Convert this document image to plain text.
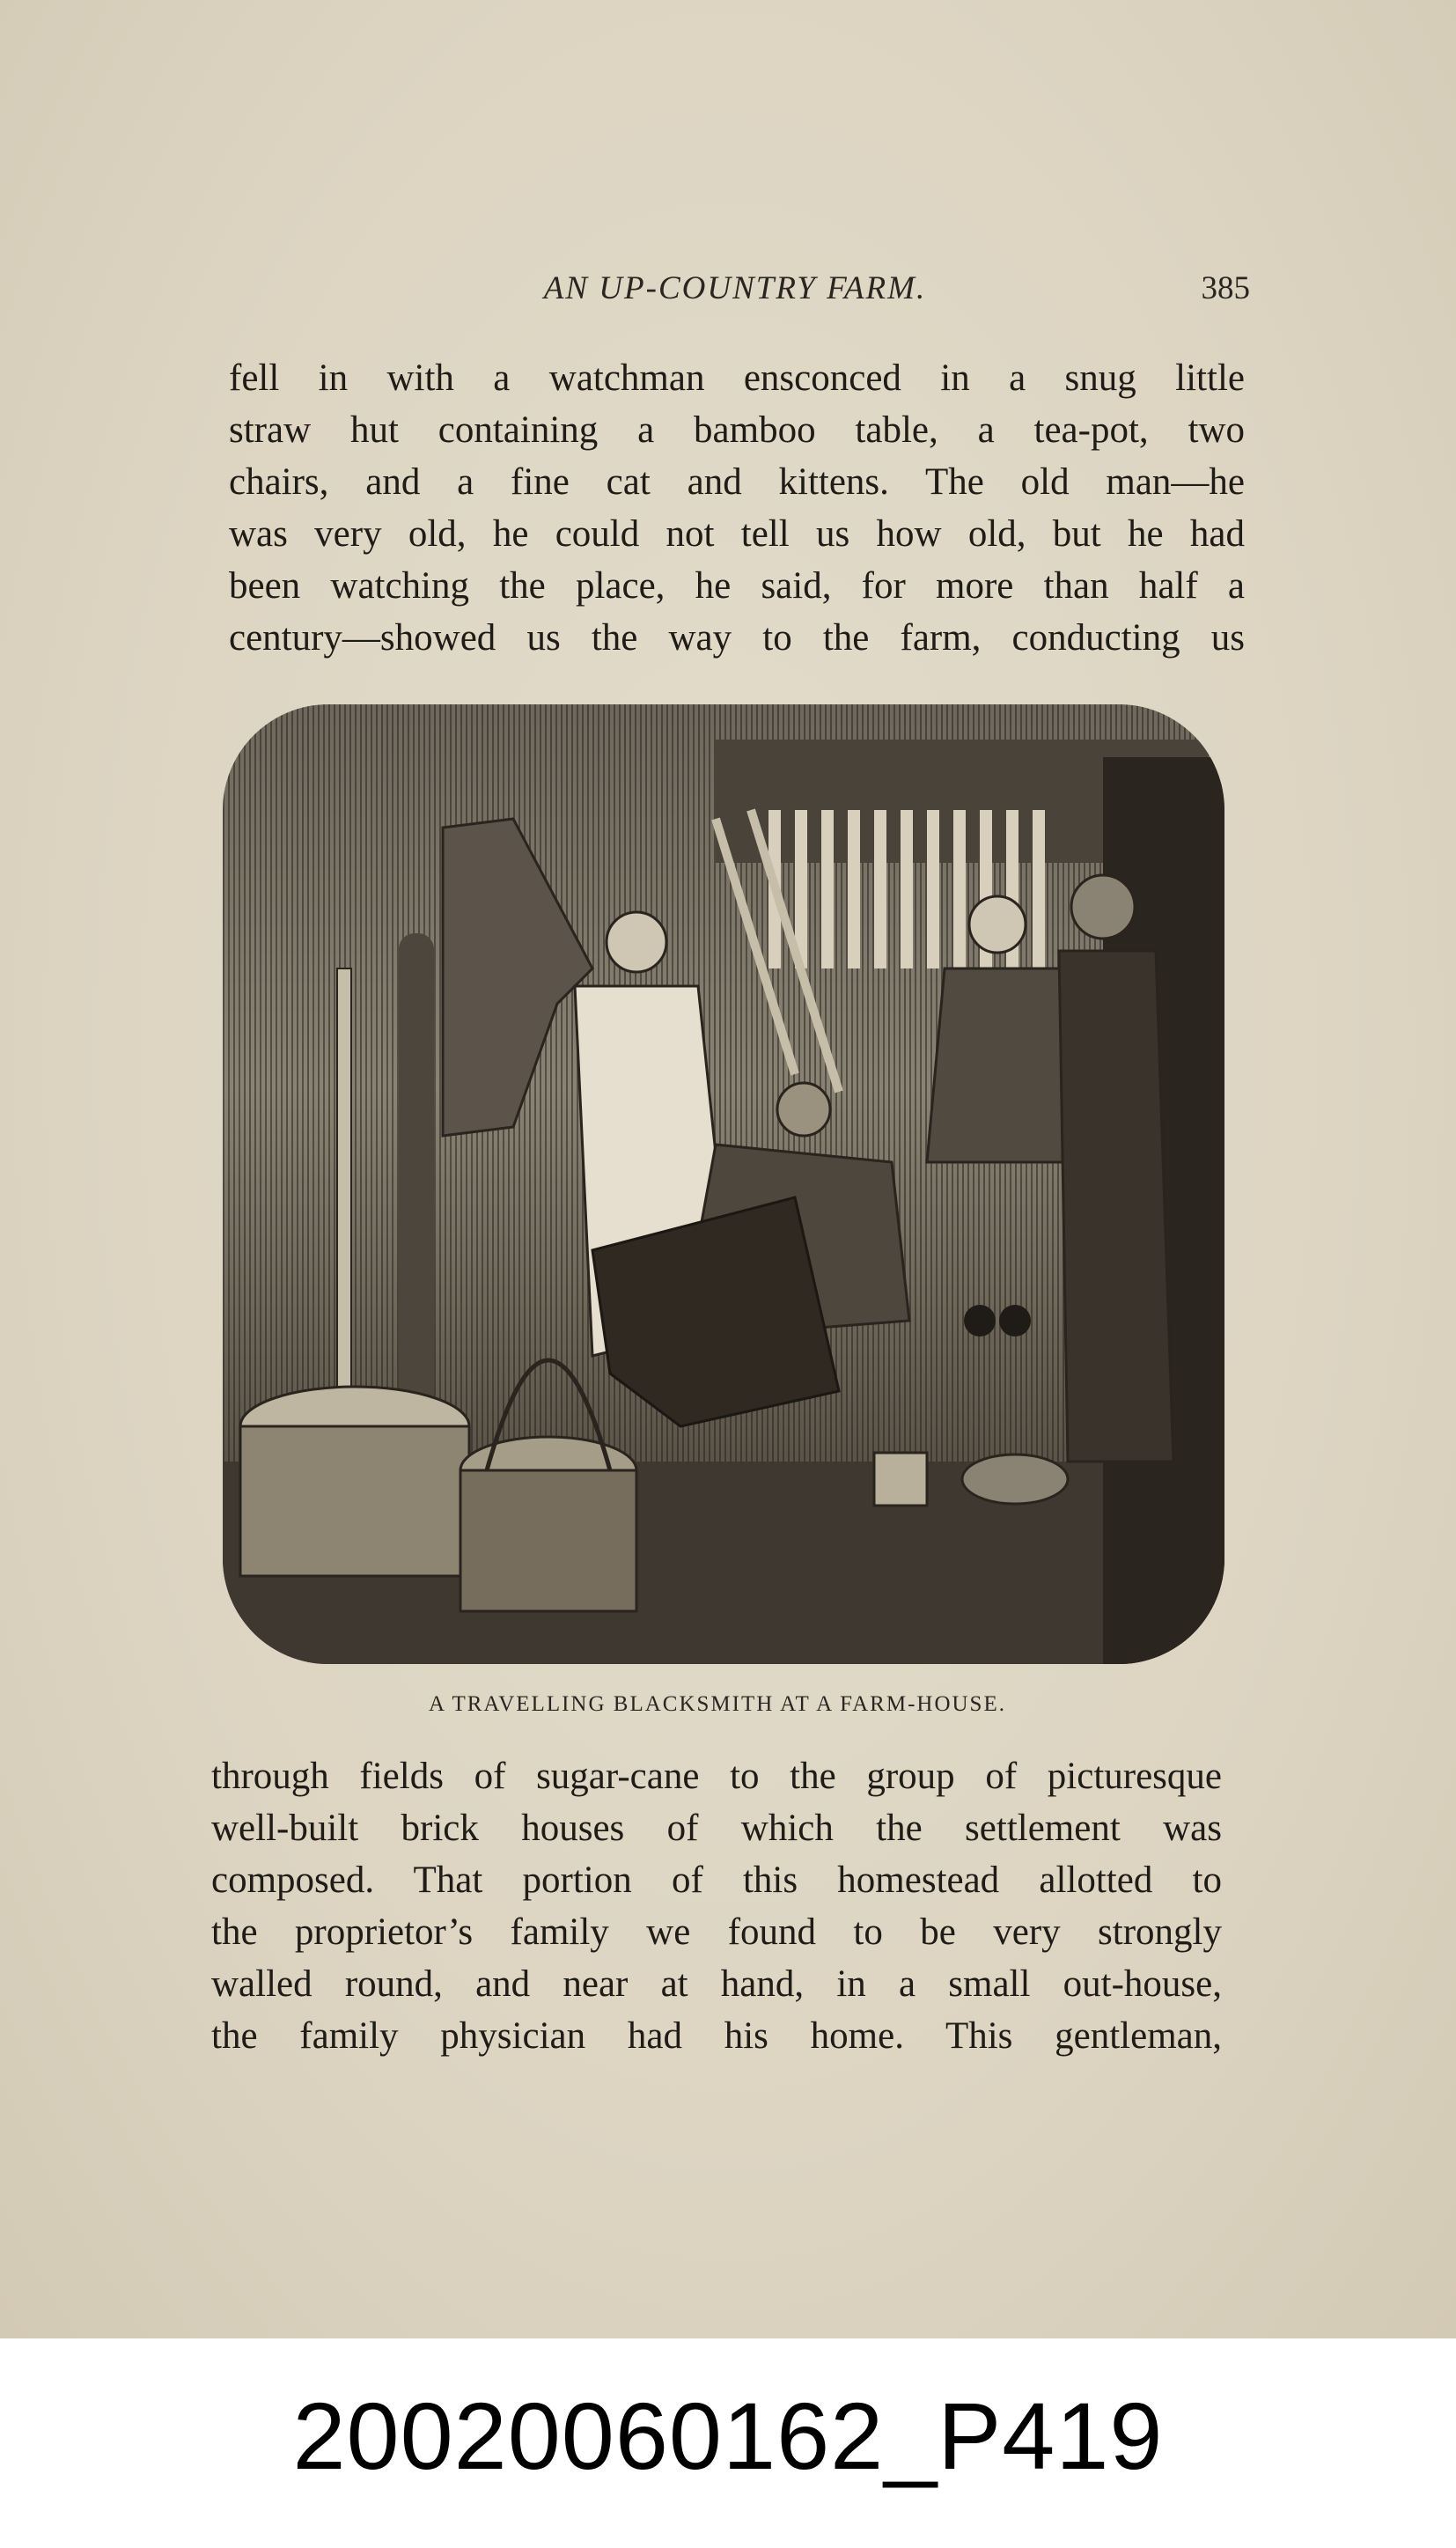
AN UP-COUNTRY FARM.	385
fell in with a watchman ensconced in a snug little
straw hut containing a bamboo table, a tea-pot, two
chairs, and a fine cat and kittens. The old man—he
was very old, he could not tell us how old, but he had
been watching the place, he said, for more than half a
century—showed us the way to the farm, conducting us
A TRAVELLING BLACKSMITH AT A FARM-HOUSE.
through fields of sugar-cane to the group of picturesque
well-built brick houses of which the settlement was
composed. That portion of this homestead allotted to
the proprietor’s family we found to be very strongly
walled round, and near at hand, in a small out-house,
the family physician had his home. This gentleman,
20020060162_P419
